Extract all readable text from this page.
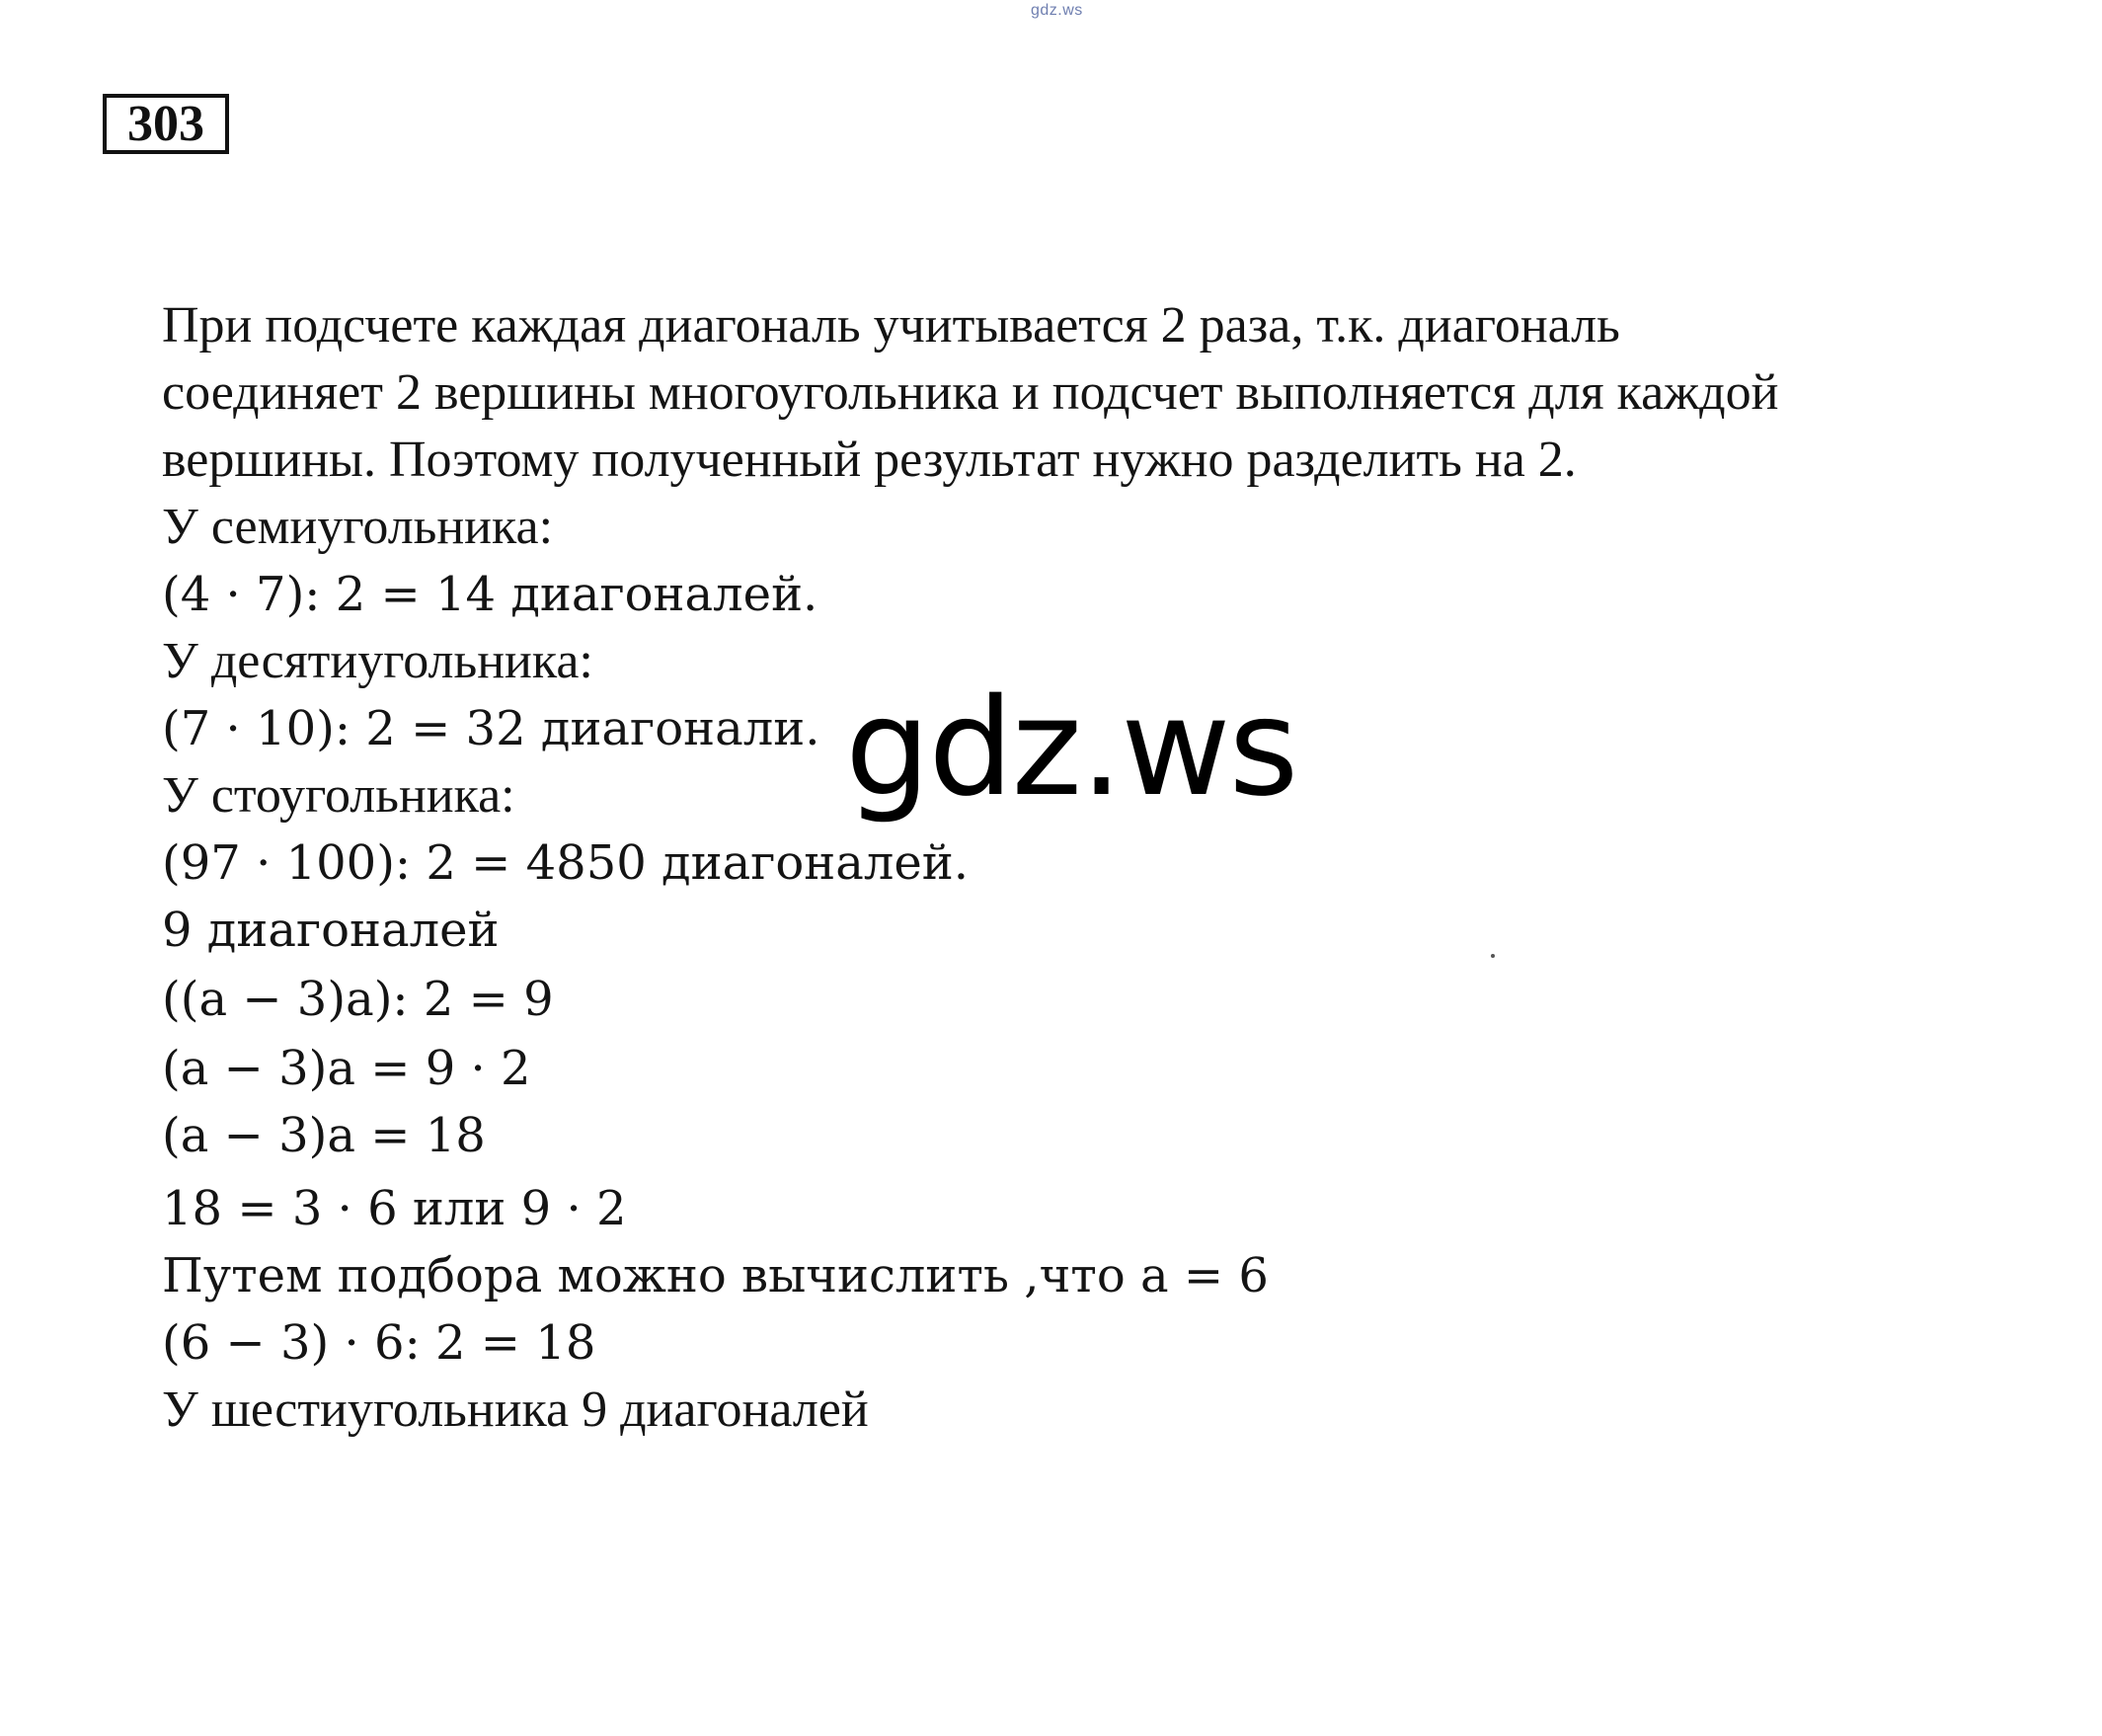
gdz.ws
303
При подсчете каждая диагональ учитывается 2 раза, т.к. диагональ
соединяет 2 вершины многоугольника и подсчет выполняется для каждой
вершины. Поэтому полученный результат нужно разделить на 2.
У семиугольника:
(4 · 7): 2 = 14 диагоналей.
У десятиугольника:
(7 · 10): 2 = 32 диагонали.
У стоугольника:
(97 · 100): 2 = 4850 диагоналей.
9 диагоналей
((a − 3)a): 2 = 9
(a − 3)a = 9 · 2
(a − 3)a = 18
18 = 3 · 6 или 9 · 2
Путем подбора можно вычислить ,что a = 6
(6 − 3) · 6: 2 = 18
У шестиугольника 9 диагоналей
gdz.ws
